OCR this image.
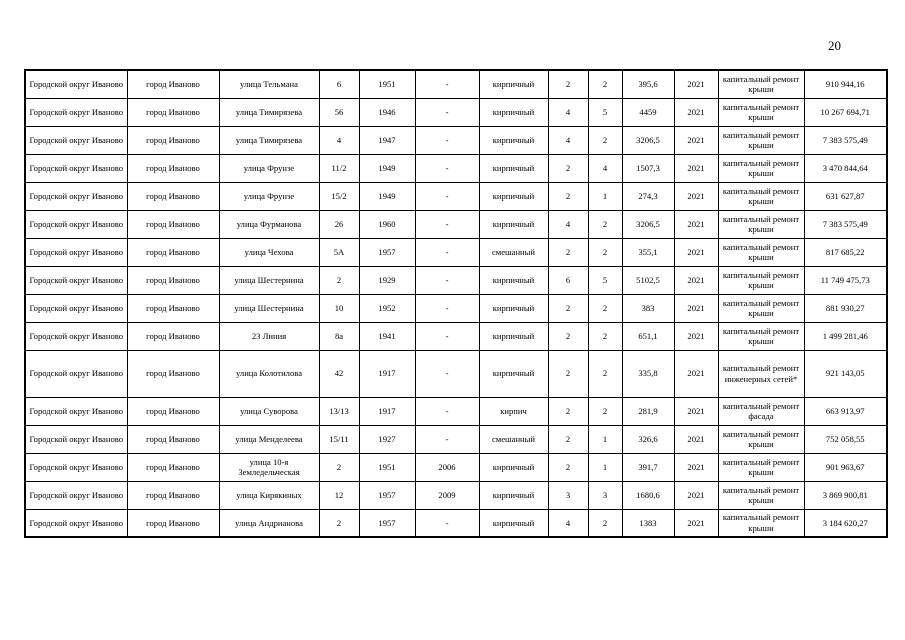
20
Городской округ Иваново	город Иваново	улица Тельмана	6	1951	-	кирпичный	2	2	395,6	2021	капитальный ремонт крыши	910 944,16
Городской округ Иваново	город Иваново	улица Тимирязева	56	1946	-	кирпичный	4	5	4459	2021	капитальный ремонт крыши	10 267 694,71
Городской округ Иваново	город Иваново	улица Тимирязева	4	1947	-	кирпичный	4	2	3206,5	2021	капитальный ремонт крыши	7 383 575,49
Городской округ Иваново	город Иваново	улица Фрунзе	11/2	1949	-	кирпичный	2	4	1507,3	2021	капитальный ремонт крыши	3 470 844,64
Городской округ Иваново	город Иваново	улица Фрунзе	15/2	1949	-	кирпичный	2	1	274,3	2021	капитальный ремонт крыши	631 627,87
Городской округ Иваново	город Иваново	улица Фурманова	26	1960	-	кирпичный	4	2	3206,5	2021	капитальный ремонт крыши	7 383 575,49
Городской округ Иваново	город Иваново	улица Чехова	5А	1957	-	смешанный	2	2	355,1	2021	капитальный ремонт крыши	817 685,22
Городской округ Иваново	город Иваново	улица Шестернина	2	1929	-	кирпичный	6	5	5102,5	2021	капитальный ремонт крыши	11 749 475,73
Городской округ Иваново	город Иваново	улица Шестернина	10	1952	-	кирпичный	2	2	383	2021	капитальный ремонт крыши	881 930,27
Городской округ Иваново	город Иваново	23 Линия	8а	1941	-	кирпичный	2	2	651,1	2021	капитальный ремонт крыши	1 499 281,46
Городской округ Иваново	город Иваново	улица Колотилова	42	1917	-	кирпичный	2	2	335,8	2021	капитальный ремонт инженерных сетей*	921 143,05
Городской округ Иваново	город Иваново	улица Суворова	13/13	1917	-	кирпич	2	2	281,9	2021	капитальный ремонт фасада	663 913,97
Городской округ Иваново	город Иваново	улица Менделеева	15/11	1927	-	смешанный	2	1	326,6	2021	капитальный ремонт крыши	752 058,55
Городской округ Иваново	город Иваново	улица 10-я Земледельческая	2	1951	2006	кирпичный	2	1	391,7	2021	капитальный ремонт крыши	901 963,67
Городской округ Иваново	город Иваново	улица Кирякиных	12	1957	2009	кирпичный	3	3	1680,6	2021	капитальный ремонт крыши	3 869 900,81
Городской округ Иваново	город Иваново	улица Андрианова	2	1957	-	кирпичный	4	2	1383	2021	капитальный ремонт крыши	3 184 620,27
